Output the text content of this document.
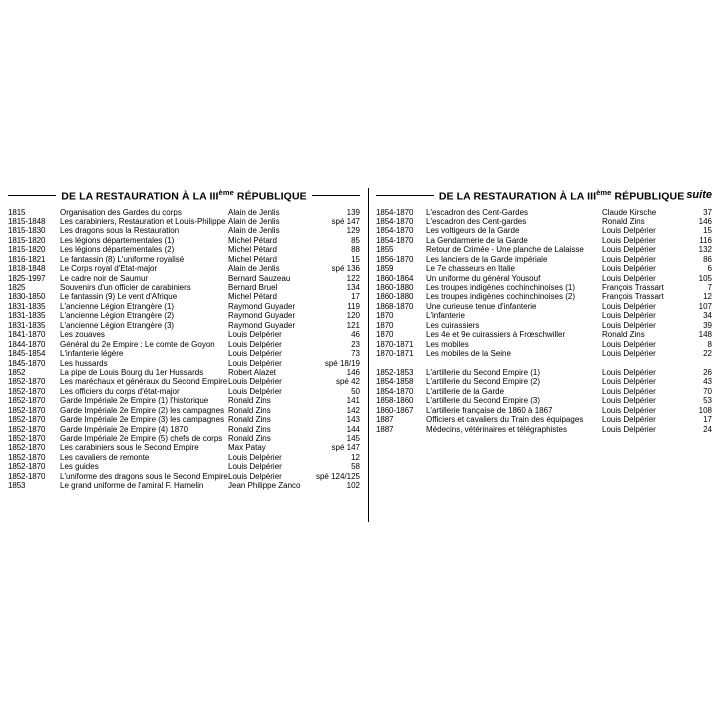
DE LA RESTAURATION À LA IIIème RÉPUBLIQUE
1815	Organisation des Gardes du corps	Alain de Jenlis	139
1815-1848	Les carabiniers, Restauration et Louis-Philippe	Alain de Jenlis	spé 147
1815-1830	Les dragons sous la Restauration	Alain de Jenlis	129
1815-1820	Les légions départementales (1)	Michel Pétard	85
1815-1820	Les légions départementales (2)	Michel Pétard	88
1816-1821	Le fantassin (8) L'uniforme royalisé	Michel Pétard	15
1818-1848	Le Corps royal d'Etat-major	Alain de Jenlis	spé 136
1825-1997	Le cadre noir de Saumur	Bernard Sauzeau	122
1825	Souvenirs d'un officier de carabiniers	Bernard Bruel	134
1830-1850	Le fantassin (9) Le vent d'Afrique	Michel Pétard	17
1831-1835	L'ancienne Légion Etrangère (1)	Raymond Guyader	119
1831-1835	L'ancienne Légion Etrangère (2)	Raymond Guyader	120
1831-1835	L'ancienne Légion Etrangère (3)	Raymond Guyader	121
1841-1870	Les zouaves	Louis Delpérier	46
1844-1870	Général du 2e Empire : Le comte de Goyon	Louis Delpérier	23
1845-1854	L'infanterie légère	Louis Delpérier	73
1845-1870	Les hussards	Louis Delpérier	spé 18/19
1852	La pipe de Louis Bourg du 1er Hussards	Robert Alazet	146
1852-1870	Les maréchaux et généraux du Second Empire	Louis Delpérier	spé 42
1852-1870	Les officiers du corps d'état-major	Louis Delpérier	50
1852-1870	Garde Impériale 2e Empire (1) l'historique	Ronald Zins	141
1852-1870	Garde Impériale 2e Empire (2) les campagnes	Ronald Zins	142
1852-1870	Garde Impériale 2e Empire (3) les campagnes	Ronald Zins	143
1852-1870	Garde Impériale 2e Empire (4) 1870	Ronald Zins	144
1852-1870	Garde Impériale 2e Empire (5) chefs de corps	Ronald Zins	145
1852-1870	Les carabiniers sous le Second Empire	Max Patay	spé 147
1852-1870	Les cavaliers de remonte	Louis Delpérier	12
1852-1870	Les guides	Louis Delpérier	58
1852-1870	L'uniforme des dragons sous le Second Empire	Louis Delpérier	spé 124/125
1853	Le grand uniforme de l'amiral F. Hamelin	Jean Philippe Zanco	102
DE LA RESTAURATION À LA IIIème RÉPUBLIQUE suite
1854-1870	L'escadron des Cent-Gardes	Claude Kirsche	37
1854-1870	L'escadron des Cent-gardes	Ronald Zins	146
1854-1870	Les voltigeurs de la Garde	Louis Delpérier	15
1854-1870	La Gendarmerie de la Garde	Louis Delpérier	116
1855	Retour de Crimée - Une planche de Lalaisse	Louis Delpérier	132
1856-1870	Les lanciers de la Garde impériale	Louis Delpérier	86
1859	Le 7e chasseurs en Italie	Louis Delpérier	6
1860-1864	Un uniforme du général Yousouf	Louis Delpérier	105
1860-1880	Les troupes indigènes cochinchinoises (1)	François Trassart	7
1860-1880	Les troupes indigènes cochinchinoises (2)	François Trassart	12
1868-1870	Une curieuse tenue d'infanterie	Louis Delpérier	107
1870	L'infanterie	Louis Delpérier	34
1870	Les cuirassiers	Louis Delpérier	39
1870	Les 4e et 9e cuirassiers à Frœschwiller	Ronald Zins	148
1870-1871	Les mobiles	Louis Delpérier	8
1870-1871	Les mobiles de la Seine	Louis Delpérier	22

1852-1853	L'artillerie du Second Empire (1)	Louis Delpérier	26
1854-1858	L'artillerie du Second Empire (2)	Louis Delpérier	43
1854-1870	L'artillerie de la Garde	Louis Delpérier	70
1858-1860	L'artillerie du Second Empire (3)	Louis Delpérier	53
1860-1867	L'artillerie française de 1860 à 1867	Louis Delpérier	108
1887	Officiers et cavaliers du Train des équipages	Louis Delpérier	17
1887	Médecins, vétérinaires et télégraphistes	Louis Delpérier	24
